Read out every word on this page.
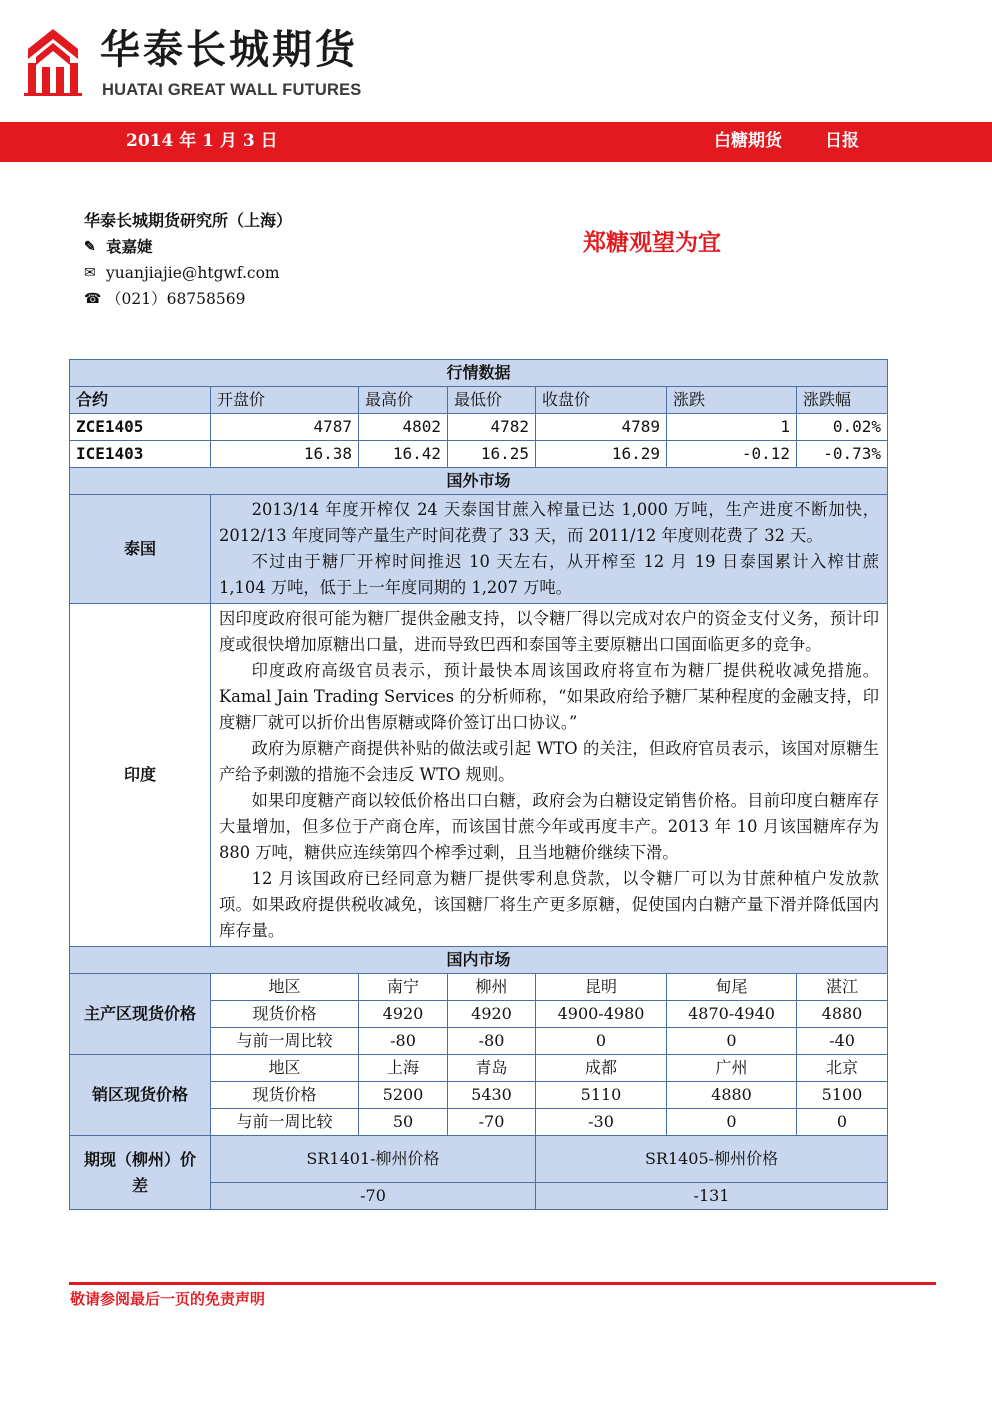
华泰长城期货
HUATAI GREAT WALL FUTURES
2014 年 1 月 3 日	白糖期货	日报
华泰长城期货研究所（上海）
✎ 袁嘉婕
✉ yuanjiajie@htgwf.com
☎ （021）68758569
郑糖观望为宜
行情数据						
合约	开盘价	最高价	最低价	收盘价	涨跌	涨跌幅
ZCE1405	4787	4802	4782	4789	1	0.02%
ICE1403	16.38	16.42	16.25	16.29	-0.12	-0.73%
国外市场						
泰国	2013/14 年度开榨仅 24 天泰国甘蔗入榨量已达 1,000 万吨，生产进度不断加快，2012/13 年度同等产量生产时间花费了 33 天，而 2011/12 年度则花费了 32 天。

不过由于糖厂开榨时间推迟 10 天左右，从开榨至 12 月 19 日泰国累计入榨甘蔗 1,104 万吨，低于上一年度同期的 1,207 万吨。					

印度	因印度政府很可能为糖厂提供金融支持，以令糖厂得以完成对农户的资金支付义务，预计印度或很快增加原糖出口量，进而导致巴西和泰国等主要原糖出口国面临更多的竞争。

印度政府高级官员表示，预计最快本周该国政府将宣布为糖厂提供税收减免措施。Kamal Jain Trading Services 的分析师称，“如果政府给予糖厂某种程度的金融支持，印度糖厂就可以折价出售原糖或降价签订出口协议。”

政府为原糖产商提供补贴的做法或引起 WTO 的关注，但政府官员表示，该国对原糖生产给予刺激的措施不会违反 WTO 规则。

如果印度糖产商以较低价格出口白糖，政府会为白糖设定销售价格。目前印度白糖库存大量增加，但多位于产商仓库，而该国甘蔗今年或再度丰产。2013 年 10 月该国糖库存为 880 万吨，糖供应连续第四个榨季过剩，且当地糖价继续下滑。

12 月该国政府已经同意为糖厂提供零利息贷款，以令糖厂可以为甘蔗种植户发放款项。如果政府提供税收减免，该国糖厂将生产更多原糖，促使国内白糖产量下滑并降低国内库存量。					

国内市场						
主产区现货价格	地区	南宁	柳州	昆明	甸尾	湛江
	现货价格	4920	4920	4900-4980	4870-4940	4880
	与前一周比较	-80	-80	0	0	-40
销区现货价格	地区	上海	青岛	成都	广州	北京
	现货价格	5200	5430	5110	4880	5100
	与前一周比较	50	-70	-30	0	0
期现（柳州）价差	SR1401-柳州价格			SR1405-柳州价格		
	-70			-131		
敬请参阅最后一页的免责声明
